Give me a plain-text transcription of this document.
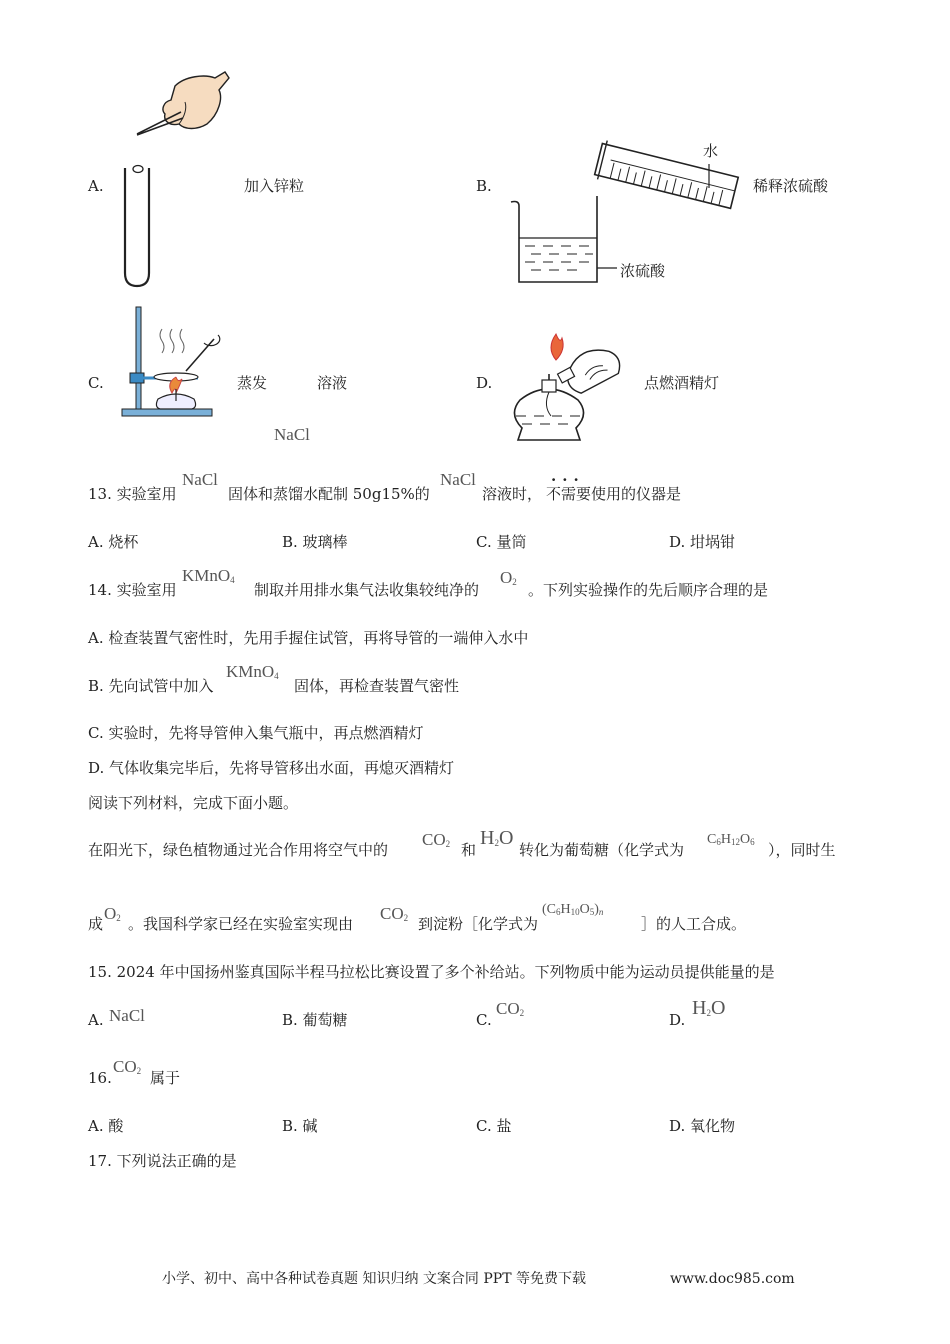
A.	加入锌粒	B.
水
稀释浓硫酸
浓硫酸
C.	蒸发	溶液
NaCl
D.	点燃酒精灯
13. 实验室用
NaCl
固体和蒸馏水配制 50g15%的
NaCl
溶液时， 不需要
···
使用的仪器是
A. 烧杯	B. 玻璃棒	C. 量筒	D. 坩埚钳
14. 实验室用
KMnO$_4$
制取并用排水集气法收集较纯净的
$O_2$ 。下列实验操作的先后顺序合理的是
A. 检查装置气密性时，先用手握住试管，再将导管的一端伸入水中
B. 先向试管中加入
KMnO$_4$
固体，再检查装置气密性
C. 实验时，先将导管伸入集气瓶中，再点燃酒精灯
D. 气体收集完毕后，先将导管移出水面，再熄灭酒精灯
阅读下列材料，完成下面小题。
在阳光下，绿色植物通过光合作用将空气中的
$CO_2$ 和
$H_2O$
转化为葡萄糖（化学式为
$C_6H_{12}O_6$ ），同时生
成
$O_2$ 。我国科学家已经在实验室实现由
$CO_2$ 到淀粉［化学式为
$(C_6H_{10}O_5)_n$
］的人工合成。
15. 2024 年中国扬州鉴真国际半程马拉松比赛设置了多个补给站。下列物质中能为运动员提供能量的是
A. NaCl	B. 葡萄糖	C.
$CO_2$	D.
$H_2O$
16.
$CO_2$ 属于
A. 酸	B. 碱	C. 盐	D. 氧化物
17. 下列说法正确的是
小学、初中、高中各种试卷真题 知识归纳 文案合同 PPT 等免费下载	www.doc985.com
